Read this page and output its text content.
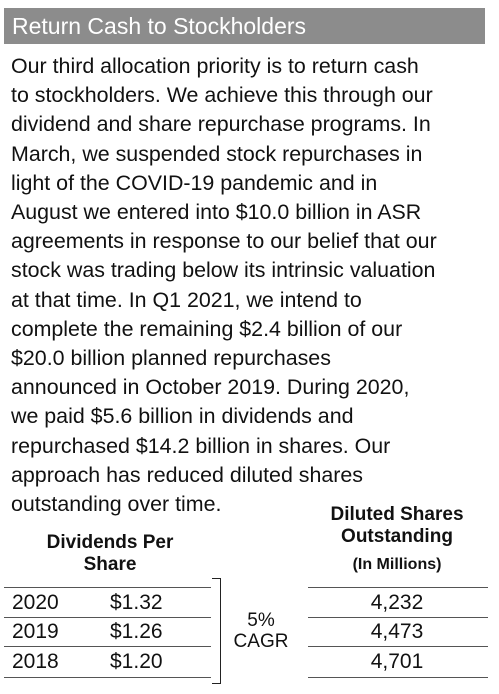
Return Cash to Stockholders
Our third allocation priority is to return cash
to stockholders. We achieve this through our
dividend and share repurchase programs. In
March, we suspended stock repurchases in
light of the COVID-19 pandemic and in
August we entered into $10.0 billion in ASR
agreements in response to our belief that our
stock was trading below its intrinsic valuation
at that time. In Q1 2021, we intend to
complete the remaining $2.4 billion of our
$20.0 billion planned repurchases
announced in October 2019. During 2020,
we paid $5.6 billion in dividends and
repurchased $14.2 billion in shares. Our
approach has reduced diluted shares
outstanding over time.
Dividends Per
Share
Diluted Shares
Outstanding
(In Millions)
2020 $1.32	4,232
2019 $1.26	4,473
2018 $1.20	4,701
5%
CAGR
